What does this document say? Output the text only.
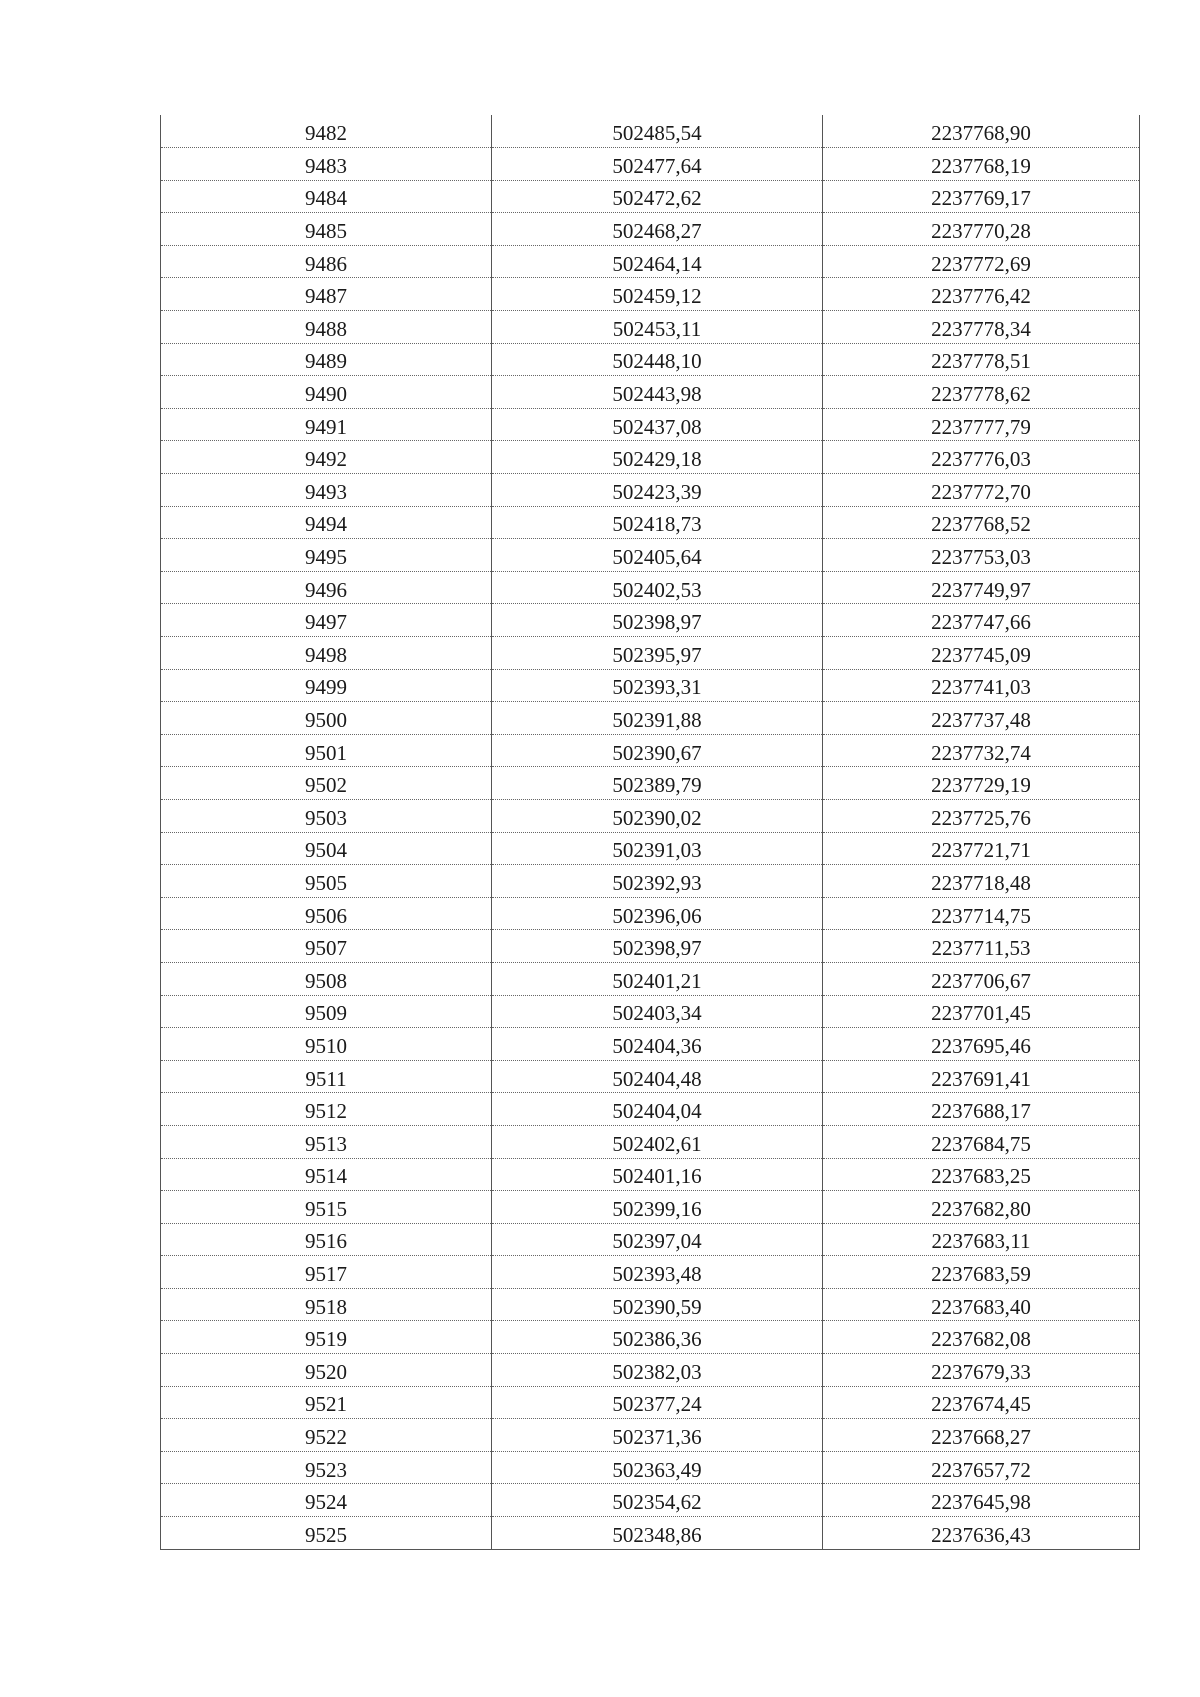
9482	502485,54	2237768,90
9483	502477,64	2237768,19
9484	502472,62	2237769,17
9485	502468,27	2237770,28
9486	502464,14	2237772,69
9487	502459,12	2237776,42
9488	502453,11	2237778,34
9489	502448,10	2237778,51
9490	502443,98	2237778,62
9491	502437,08	2237777,79
9492	502429,18	2237776,03
9493	502423,39	2237772,70
9494	502418,73	2237768,52
9495	502405,64	2237753,03
9496	502402,53	2237749,97
9497	502398,97	2237747,66
9498	502395,97	2237745,09
9499	502393,31	2237741,03
9500	502391,88	2237737,48
9501	502390,67	2237732,74
9502	502389,79	2237729,19
9503	502390,02	2237725,76
9504	502391,03	2237721,71
9505	502392,93	2237718,48
9506	502396,06	2237714,75
9507	502398,97	2237711,53
9508	502401,21	2237706,67
9509	502403,34	2237701,45
9510	502404,36	2237695,46
9511	502404,48	2237691,41
9512	502404,04	2237688,17
9513	502402,61	2237684,75
9514	502401,16	2237683,25
9515	502399,16	2237682,80
9516	502397,04	2237683,11
9517	502393,48	2237683,59
9518	502390,59	2237683,40
9519	502386,36	2237682,08
9520	502382,03	2237679,33
9521	502377,24	2237674,45
9522	502371,36	2237668,27
9523	502363,49	2237657,72
9524	502354,62	2237645,98
9525	502348,86	2237636,43
